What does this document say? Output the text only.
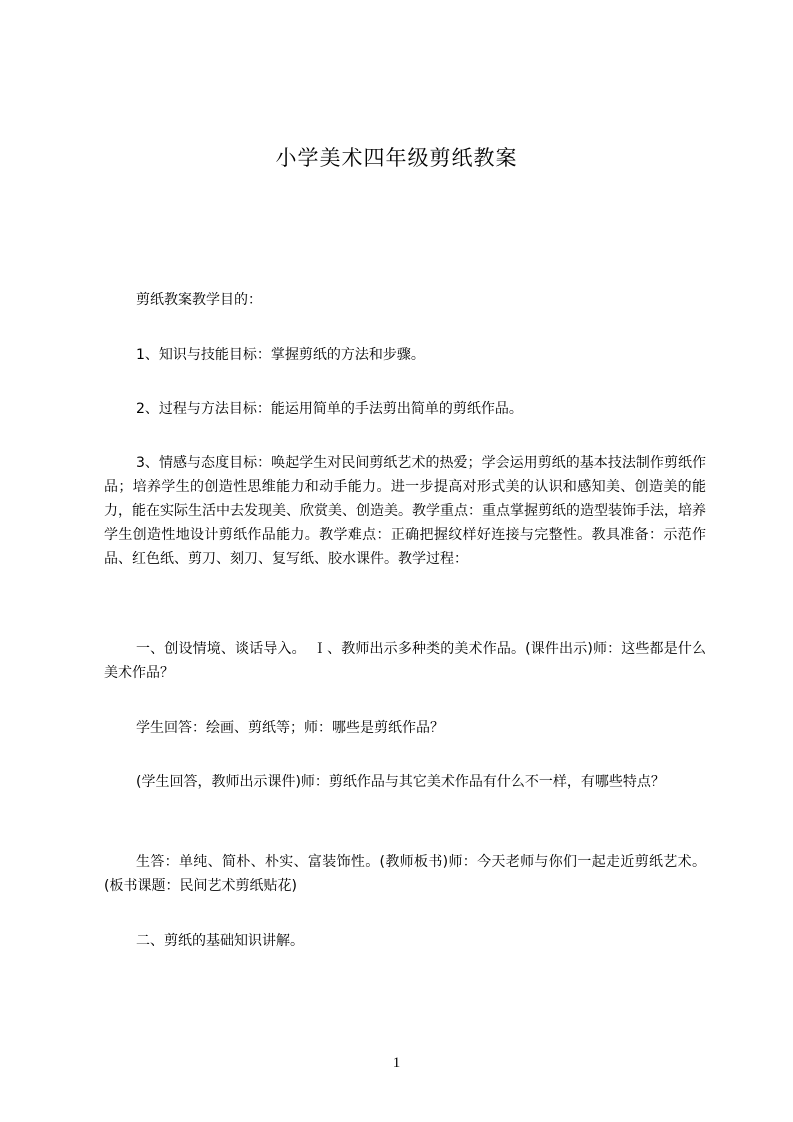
小学美术四年级剪纸教案
剪纸教案教学目的：
1、知识与技能目标：掌握剪纸的方法和步骤。
2、过程与方法目标：能运用简单的手法剪出简单的剪纸作品。
3、情感与态度目标：唤起学生对民间剪纸艺术的热爱；学会运用剪纸的基本技法制作剪纸作品；培养学生的创造性思维能力和动手能力。进一步提高对形式美的认识和感知美、创造美的能力，能在实际生活中去发现美、欣赏美、创造美。教学重点：重点掌握剪纸的造型装饰手法，培养学生创造性地设计剪纸作品能力。教学难点：正确把握纹样好连接与完整性。教具准备：示范作品、红色纸、剪刀、刻刀、复写纸、胶水课件。教学过程：
一、创设情境、谈话导入。　Ｉ、教师出示多种类的美术作品。(课件出示)师：这些都是什么美术作品？
学生回答：绘画、剪纸等；师：哪些是剪纸作品？
(学生回答，教师出示课件)师：剪纸作品与其它美术作品有什么不一样，有哪些特点？
生答：单纯、简朴、朴实、富装饰性。(教师板书)师：今天老师与你们一起走近剪纸艺术。(板书课题：民间艺术剪纸贴花)
二、剪纸的基础知识讲解。
1
